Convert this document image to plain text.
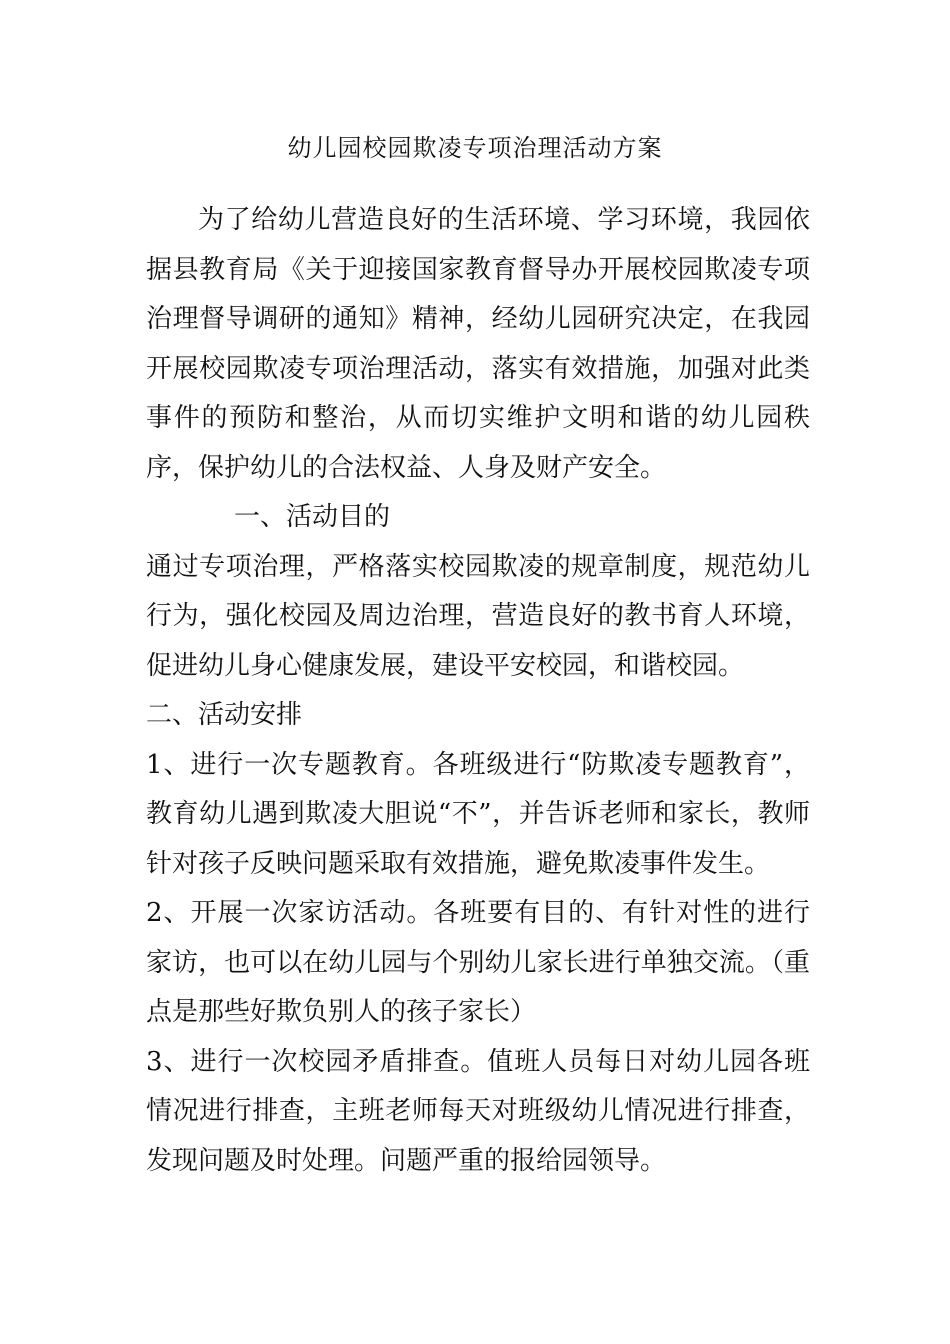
幼儿园校园欺凌专项治理活动方案

为了给幼儿营造良好的生活环境、学习环境，我园依据县教育局《关于迎接国家教育督导办开展校园欺凌专项治理督导调研的通知》精神，经幼儿园研究决定，在我园开展校园欺凌专项治理活动，落实有效措施，加强对此类事件的预防和整治，从而切实维护文明和谐的幼儿园秩序，保护幼儿的合法权益、人身及财产安全。

一、活动目的

通过专项治理，严格落实校园欺凌的规章制度，规范幼儿行为，强化校园及周边治理，营造良好的教书育人环境，促进幼儿身心健康发展，建设平安校园，和谐校园。

二、活动安排

1、进行一次专题教育。各班级进行“防欺凌专题教育”，教育幼儿遇到欺凌大胆说“不”，并告诉老师和家长，教师针对孩子反映问题采取有效措施，避免欺凌事件发生。

2、开展一次家访活动。各班要有目的、有针对性的进行家访，也可以在幼儿园与个别幼儿家长进行单独交流。（重点是那些好欺负别人的孩子家长）

3、进行一次校园矛盾排查。值班人员每日对幼儿园各班情况进行排查，主班老师每天对班级幼儿情况进行排查，发现问题及时处理。问题严重的报给园领导。
